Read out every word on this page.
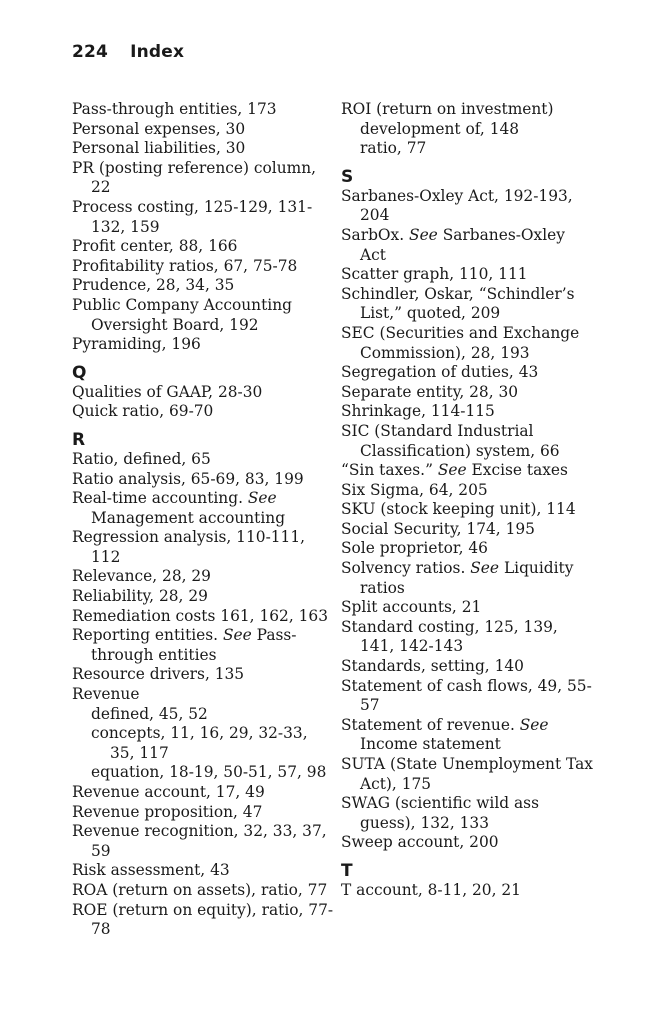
224 Index
Pass-through entities, 173
Personal expenses, 30
Personal liabilities, 30
PR (posting reference) column, 22
Process costing, 125-129, 131-132, 159
Profit center, 88, 166
Profitability ratios, 67, 75-78
Prudence, 28, 34, 35
Public Company Accounting Oversight Board, 192
Pyramiding, 196
Q
Qualities of GAAP, 28-30
Quick ratio, 69-70
R
Ratio, defined, 65
Ratio analysis, 65-69, 83, 199
Real-time accounting. See Management accounting
Regression analysis, 110-111, 112
Relevance, 28, 29
Reliability, 28, 29
Remediation costs 161, 162, 163
Reporting entities. See Pass-through entities
Resource drivers, 135
Revenue
defined, 45, 52
concepts, 11, 16, 29, 32-33, 35, 117
equation, 18-19, 50-51, 57, 98
Revenue account, 17, 49
Revenue proposition, 47
Revenue recognition, 32, 33, 37, 59
Risk assessment, 43
ROA (return on assets), ratio, 77
ROE (return on equity), ratio, 77-78
ROI (return on investment)
development of, 148
ratio, 77
S
Sarbanes-Oxley Act, 192-193, 204
SarbOx. See Sarbanes-Oxley Act
Scatter graph, 110, 111
Schindler, Oskar, “Schindler’s List,” quoted, 209
SEC (Securities and Exchange Commission), 28, 193
Segregation of duties, 43
Separate entity, 28, 30
Shrinkage, 114-115
SIC (Standard Industrial Classification) system, 66
“Sin taxes.” See Excise taxes
Six Sigma, 64, 205
SKU (stock keeping unit), 114
Social Security, 174, 195
Sole proprietor, 46
Solvency ratios. See Liquidity ratios
Split accounts, 21
Standard costing, 125, 139, 141, 142-143
Standards, setting, 140
Statement of cash flows, 49, 55-57
Statement of revenue. See Income statement
SUTA (State Unemployment Tax Act), 175
SWAG (scientific wild ass guess), 132, 133
Sweep account, 200
T
T account, 8-11, 20, 21
